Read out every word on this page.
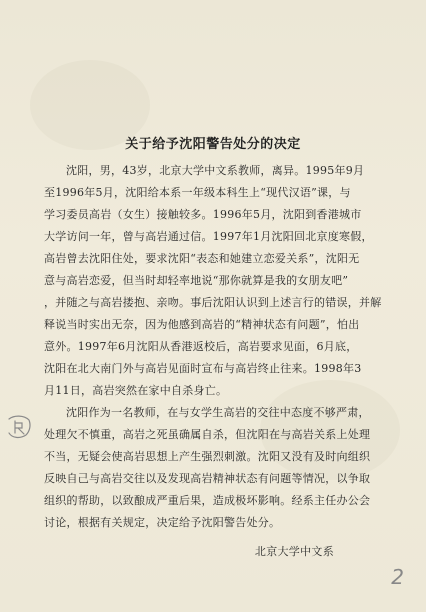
关于给予沈阳警告处分的决定

沈阳，男，43岁，北京大学中文系教师，离异。1995年9月

至1996年5月，沈阳给本系一年级本科生上“现代汉语”课，与

学习委员高岩（女生）接触较多。1996年5月，沈阳到香港城市

大学访问一年，曾与高岩通过信。1997年1月沈阳回北京度寒假，

高岩曾去沈阳住处，要求沈阳“表态和她建立恋爱关系”，沈阳无

意与高岩恋爱，但当时却轻率地说“那你就算是我的女朋友吧”

，并随之与高岩搂抱、亲吻。事后沈阳认识到上述言行的错误，并解

释说当时实出无奈，因为他感到高岩的“精神状态有问题”，怕出

意外。1997年6月沈阳从香港返校后，高岩要求见面，6月底，

沈阳在北大南门外与高岩见面时宣布与高岩终止往来。1998年3

月11日，高岩突然在家中自杀身亡。

沈阳作为一名教师，在与女学生高岩的交往中态度不够严肃，

处理欠不慎重，高岩之死虽确属自杀，但沈阳在与高岩关系上处理

不当，无疑会使高岩思想上产生强烈刺激。沈阳又没有及时向组织

反映自己与高岩交往以及发现高岩精神状态有问题等情况，以争取

组织的帮助，以致酿成严重后果，造成极坏影响。经系主任办公会

讨论，根据有关规定，决定给予沈阳警告处分。

北京大学中文系
2
